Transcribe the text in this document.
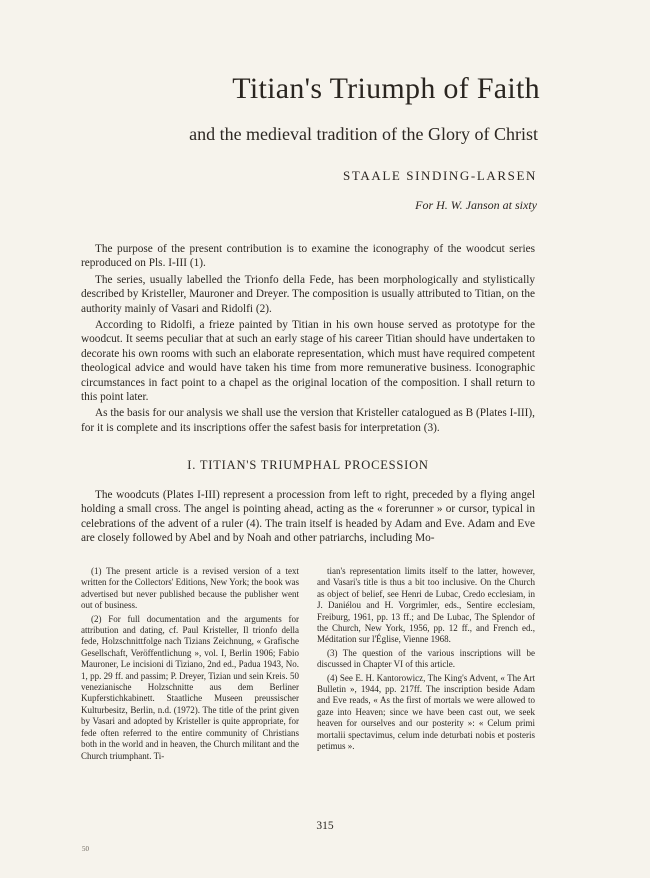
Titian's Triumph of Faith
and the medieval tradition of the Glory of Christ
STAALE SINDING-LARSEN
For H. W. Janson at sixty

The purpose of the present contribution is to examine the iconography of the woodcut series reproduced on Pls. I-III (1).

The series, usually labelled the Trionfo della Fede, has been morphologically and stylistically described by Kristeller, Mauroner and Dreyer. The composition is usually attributed to Titian, on the authority mainly of Vasari and Ridolfi (2).

According to Ridolfi, a frieze painted by Titian in his own house served as prototype for the woodcut. It seems peculiar that at such an early stage of his career Titian should have undertaken to decorate his own rooms with such an elaborate representation, which must have required competent theological advice and would have taken his time from more remunerative business. Iconographic circumstances in fact point to a chapel as the original location of the composition. I shall return to this point later.

As the basis for our analysis we shall use the version that Kristeller catalogued as B (Plates I-III), for it is complete and its inscriptions offer the safest basis for interpretation (3).

I. TITIAN'S TRIUMPHAL PROCESSION

The woodcuts (Plates I-III) represent a procession from left to right, preceded by a flying angel holding a small cross. The angel is pointing ahead, acting as the « forerunner » or cursor, typical in celebrations of the advent of a ruler (4). The train itself is headed by Adam and Eve. Adam and Eve are closely followed by Abel and by Noah and other patriarchs, including Mo-

(1) The present article is a revised version of a text written for the Collectors' Editions, New York; the book was advertised but never published because the publisher went out of business.

(2) For full documentation and the arguments for attribution and dating, cf. Paul Kristeller, Il trionfo della fede, Holzschnittfolge nach Tizians Zeichnung, « Grafische Gesellschaft, Veröffentlichung », vol. I, Berlin 1906; Fabio Mauroner, Le incisioni di Tiziano, 2nd ed., Padua 1943, No. 1, pp. 29 ff. and passim; P. Dreyer, Tizian und sein Kreis. 50 venezianische Holzschnitte aus dem Berliner Kupferstichkabinett. Staatliche Museen preussischer Kulturbesitz, Berlin, n.d. (1972). The title of the print given by Vasari and adopted by Kristeller is quite appropriate, for fede often referred to the entire community of Christians both in the world and in heaven, the Church militant and the Church triumphant. Ti-

tian's representation limits itself to the latter, however, and Vasari's title is thus a bit too inclusive. On the Church as object of belief, see Henri de Lubac, Credo ecclesiam, in J. Daniélou and H. Vorgrimler, eds., Sentire ecclesiam, Freiburg, 1961, pp. 13 ff.; and De Lubac, The Splendor of the Church, New York, 1956, pp. 12 ff., and French ed., Méditation sur l'Église, Vienne 1968.

(3) The question of the various inscriptions will be discussed in Chapter VI of this article.

(4) See E. H. Kantorowicz, The King's Advent, « The Art Bulletin », 1944, pp. 217ff. The inscription beside Adam and Eve reads, « As the first of mortals we were allowed to gaze into Heaven; since we have been cast out, we seek heaven for ourselves and our posterity »: « Celum primi mortalii spectavimus, celum inde deturbati nobis et posteris petimus ».

315
50
